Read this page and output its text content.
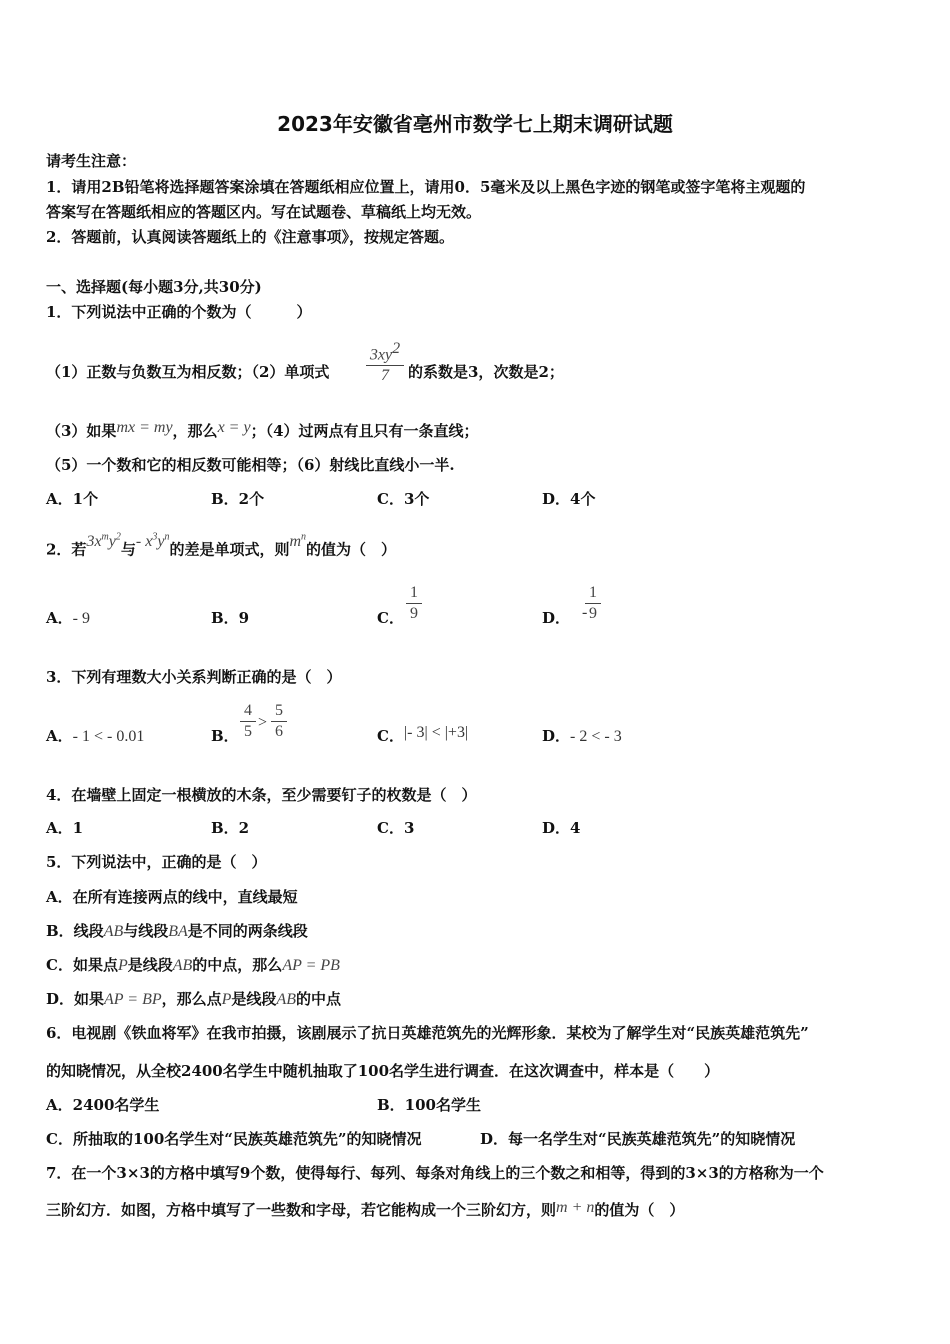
2023年安徽省亳州市数学七上期末调研试题
请考生注意：
1．请用2B铅笔将选择题答案涂填在答题纸相应位置上，请用0．5毫米及以上黑色字迹的钢笔或签字笔将主观题的
答案写在答题纸相应的答题区内。写在试题卷、草稿纸上均无效。
2．答题前，认真阅读答题纸上的《注意事项》，按规定答题。
一、选择题(每小题3分,共30分)
1．下列说法中正确的个数为（　　　）
（1）正数与负数互为相反数；（2）单项式
$3xy^2$
7	的系数是3，次数是2；
（3）如果mx = my，那么x = y；（4）过两点有且只有一条直线；
（5）一个数和它的相反数可能相等；（6）射线比直线小一半.
A．1个	B．2个	C．3个	D．4个
2．若$3x^my^2$与- $x^3y^n$的差是单项式，则$m^n$的值为（　）
A．- 9	B．9	C．
1
9	D． -
1
9
3．下列有理数大小关系判断正确的是（　）
A．- 1 < - 0.01	B．
4
5
>
5
6	C．|- 3| < |+3|	D．- 2 < - 3
4．在墙壁上固定一根横放的木条，至少需要钉子的枚数是（　）
A．1	B．2	C．3	D．4
5．下列说法中，正确的是（　）
A．在所有连接两点的线中，直线最短
B．线段AB与线段BA是不同的两条线段
C．如果点P是线段AB的中点，那么AP = PB
D．如果AP = BP，那么点P是线段AB的中点
6．电视剧《铁血将军》在我市拍摄，该剧展示了抗日英雄范筑先的光辉形象．某校为了解学生对“民族英雄范筑先”
的知晓情况，从全校2400名学生中随机抽取了100名学生进行调查．在这次调查中，样本是（　　）
A．2400名学生	B．100名学生
C．所抽取的100名学生对“民族英雄范筑先”的知晓情况	D．每一名学生对“民族英雄范筑先”的知晓情况
7．在一个3×3的方格中填写9个数，使得每行、每列、每条对角线上的三个数之和相等，得到的3×3的方格称为一个
三阶幻方．如图，方格中填写了一些数和字母，若它能构成一个三阶幻方，则m + n的值为（　）
